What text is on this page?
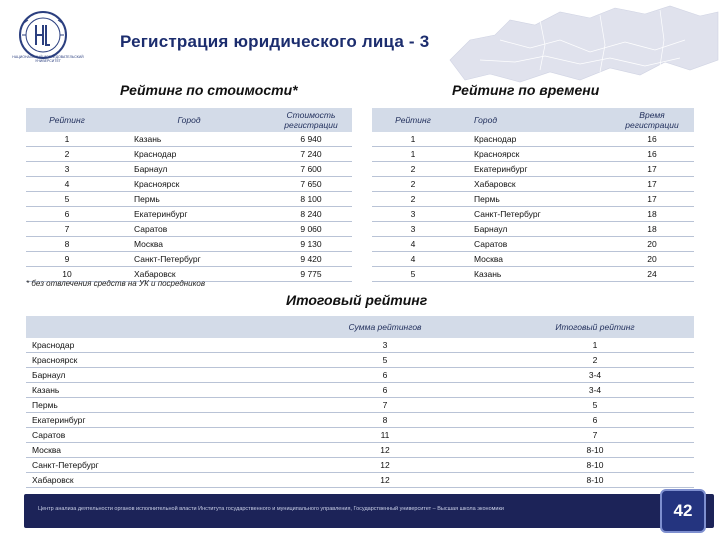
НАЦИОНАЛЬНЫЙ ИССЛЕДОВАТЕЛЬСКИЙ УНИВЕРСИТЕТ
Регистрация юридического лица - 3
Рейтинг по стоимости*
Рейтинг	Город	Стоимость регистрации
1	Казань	6 940
2	Краснодар	7 240
3	Барнаул	7 600
4	Красноярск	7 650
5	Пермь	8 100
6	Екатеринбург	8 240
7	Саратов	9 060
8	Москва	9 130
9	Санкт-Петербург	9 420
10	Хабаровск	9 775
Рейтинг по времени
Рейтинг	Город	Время регистрации
1	Краснодар	16
1	Красноярск	16
2	Екатеринбург	17
2	Хабаровск	17
2	Пермь	17
3	Санкт-Петербург	18
3	Барнаул	18
4	Саратов	20
4	Москва	20
5	Казань	24
* без отвлечения средств на УК и посредников
Итоговый рейтинг
	Сумма рейтингов	Итоговый рейтинг
Краснодар	3	1
Красноярск	5	2
Барнаул	6	3-4
Казань	6	3-4
Пермь	7	5
Екатеринбург	8	6
Саратов	11	7
Москва	12	8-10
Санкт-Петербург	12	8-10
Хабаровск	12	8-10
Центр анализа деятельности органов исполнительной власти Института государственного и муниципального управления, Государственный университет – Высшая школа экономики	42
